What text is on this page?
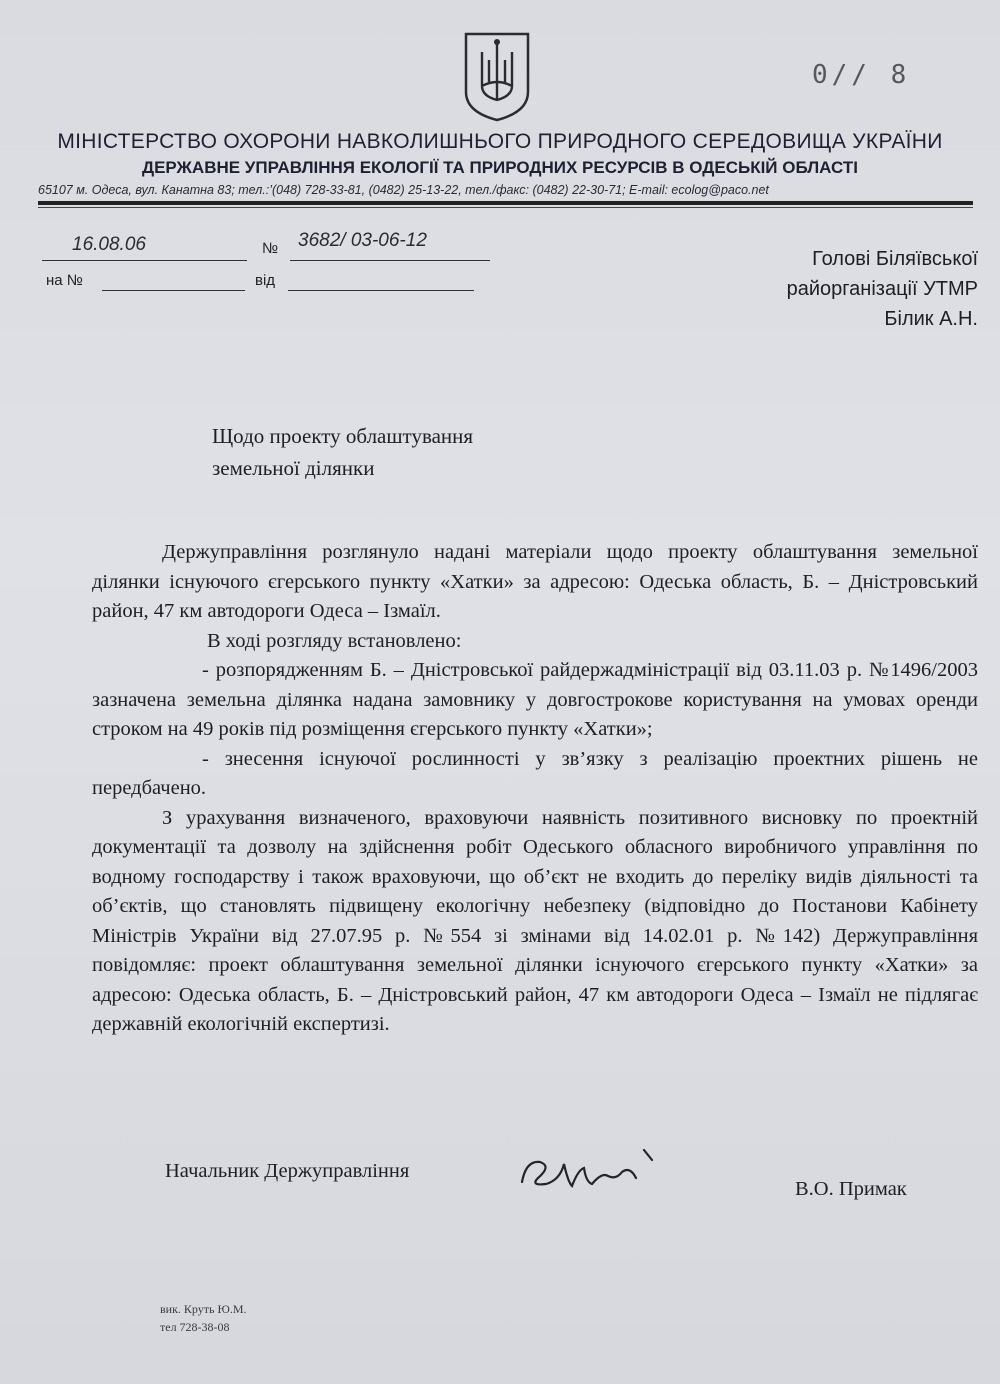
0∕∕ 8
МІНІСТЕРСТВО ОХОРОНИ НАВКОЛИШНЬОГО ПРИРОДНОГО СЕРЕДОВИЩА УКРАЇНИ
ДЕРЖАВНЕ УПРАВЛІННЯ ЕКОЛОГІЇ ТА ПРИРОДНИХ РЕСУРСІВ В ОДЕСЬКІЙ ОБЛАСТІ
65107 м. Одеса, вул. Канатна 83; тел.:’(048) 728-33-81, (0482) 25-13-22, тел./факс: (0482) 22-30-71; E-mail: ecolog@paco.net
16.08.06	№ 3682/ 03-06-12
на №	від
Голові Біляївської
райорганізації УТМР
Білик А.Н.
Щодо проекту облаштування
земельної ділянки

Держуправління розглянуло надані матеріали щодо проекту облаштування земельної ділянки існуючого єгерського пункту «Хатки» за адресою: Одеська область, Б. – Дністровський район, 47 км автодороги Одеса – Ізмаїл.

В ході розгляду встановлено:

- розпорядженням Б. – Дністровської райдержадміністрації від 03.11.03 р. №1496/2003 зазначена земельна ділянка надана замовнику у довгострокове користування на умовах оренди строком на 49 років під розміщення єгерського пункту «Хатки»;

- знесення існуючої рослинності у зв’язку з реалізацію проектних рішень не передбачено.

З урахування визначеного, враховуючи наявність позитивного висновку по проектній документації та дозволу на здійснення робіт Одеського обласного виробничого управління по водному господарству і також враховуючи, що об’єкт не входить до переліку видів діяльності та об’єктів, що становлять підвищену екологічну небезпеку (відповідно до Постанови Кабінету Міністрів України від 27.07.95 р. №554 зі змінами від 14.02.01 р. №142) Держуправління повідомляє: проект облаштування земельної ділянки існуючого єгерського пункту «Хатки» за адресою: Одеська область, Б. – Дністровський район, 47 км автодороги Одеса – Ізмаїл не підлягає державній екологічній експертизі.

Начальник Держуправління
В.О. Примак
вик. Круть Ю.М.
тел 728-38-08
